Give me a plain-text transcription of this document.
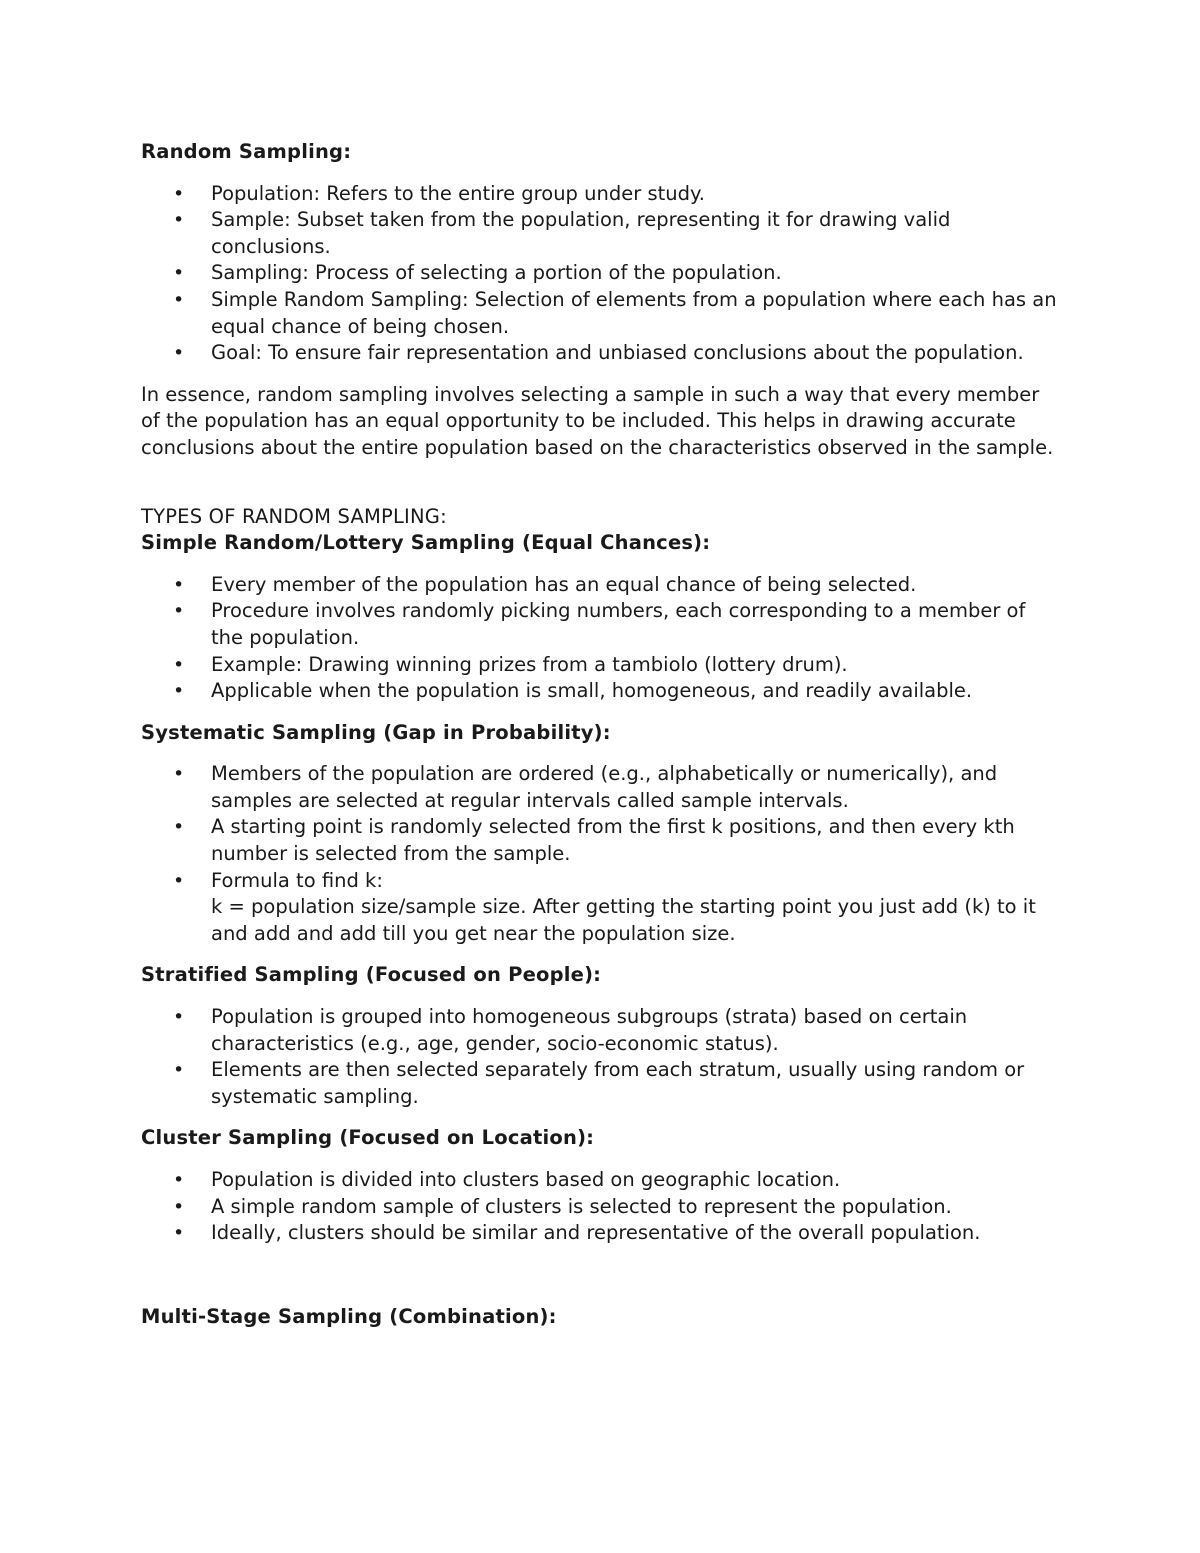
Random Sampling:

• Population: Refers to the entire group under study.
• Sample: Subset taken from the population, representing it for drawing valid conclusions.
• Sampling: Process of selecting a portion of the population.
• Simple Random Sampling: Selection of elements from a population where each has an equal chance of being chosen.
• Goal: To ensure fair representation and unbiased conclusions about the population.

In essence, random sampling involves selecting a sample in such a way that every member of the population has an equal opportunity to be included. This helps in drawing accurate conclusions about the entire population based on the characteristics observed in the sample.

TYPES OF RANDOM SAMPLING:

Simple Random/Lottery Sampling (Equal Chances):

• Every member of the population has an equal chance of being selected.
• Procedure involves randomly picking numbers, each corresponding to a member of the population.
• Example: Drawing winning prizes from a tambiolo (lottery drum).
• Applicable when the population is small, homogeneous, and readily available.

Systematic Sampling (Gap in Probability):

• Members of the population are ordered (e.g., alphabetically or numerically), and samples are selected at regular intervals called sample intervals.
• A starting point is randomly selected from the first k positions, and then every kth number is selected from the sample.
• Formula to find k:
k = population size/sample size. After getting the starting point you just add (k) to it and add and add till you get near the population size.

Stratified Sampling (Focused on People):

• Population is grouped into homogeneous subgroups (strata) based on certain characteristics (e.g., age, gender, socio-economic status).
• Elements are then selected separately from each stratum, usually using random or systematic sampling.

Cluster Sampling (Focused on Location):

• Population is divided into clusters based on geographic location.
• A simple random sample of clusters is selected to represent the population.
• Ideally, clusters should be similar and representative of the overall population.

Multi-Stage Sampling (Combination):
